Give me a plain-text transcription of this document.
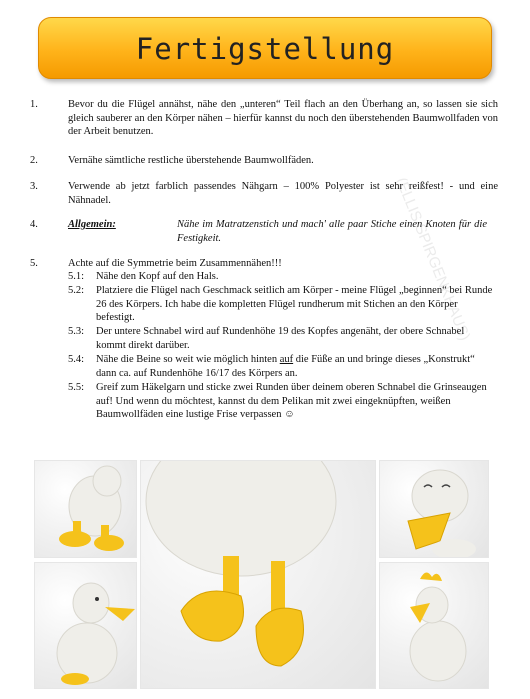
Fertigstellung
(ELLIS SPIRGENKHAUS)
1.	Bevor du die Flügel annähst, nähe den „unteren“ Teil flach an den Überhang an, so lassen sie sich gleich sauberer an den Körper nähen – hierfür kannst du noch den überstehenden Baumwollfaden von der Arbeit benutzen.
2.	Vernähe sämtliche restliche überstehende Baumwollfäden.
3.	Verwende ab jetzt farblich passendes Nähgarn – 100% Polyester ist sehr reißfest! - und eine Nähnadel.
4.	Allgemein:	Nähe im Matratzenstich und mach' alle paar Stiche einen Knoten für die Festigkeit.
5.	Achte auf die Symmetrie beim Zusammennähen!!!
5.1: Nähe den Kopf auf den Hals.
5.2: Platziere die Flügel nach Geschmack seitlich am Körper - meine Flügel „beginnen“ bei Runde 26 des Körpers. Ich habe die kompletten Flügel rundherum mit Stichen an den Körper befestigt.
5.3: Der untere Schnabel wird auf Rundenhöhe 19 des Kopfes angenäht, der obere Schnabel kommt direkt darüber.
5.4: Nähe die Beine so weit wie möglich hinten auf die Füße an und bringe dieses „Konstrukt“ dann ca. auf Rundenhöhe 16/17 des Körpers an.
5.5: Greif zum Häkelgarn und sticke zwei Runden über deinem oberen Schnabel die Grinseaugen auf! Und wenn du möchtest, kannst du dem Pelikan mit zwei eingeknüpften, weißen Baumwollfäden eine lustige Frise verpassen ☺
